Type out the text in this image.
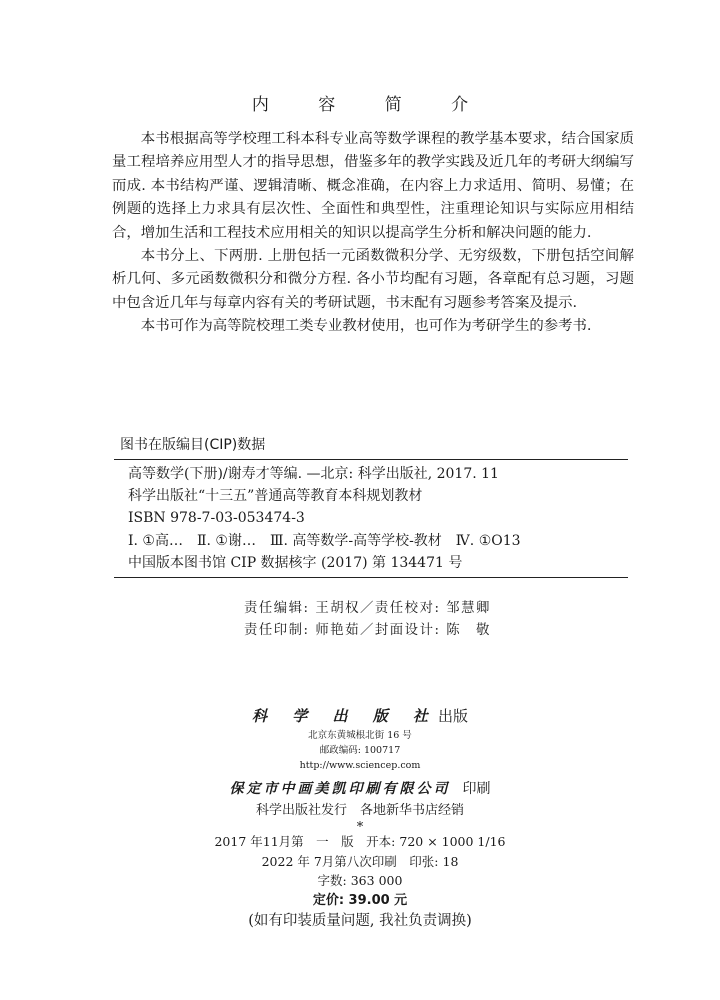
内 容 简 介

本书根据高等学校理工科本科专业高等数学课程的教学基本要求，结合国家质量工程培养应用型人才的指导思想，借鉴多年的教学实践及近几年的考研大纲编写而成. 本书结构严谨、逻辑清晰、概念准确，在内容上力求适用、简明、易懂；在例题的选择上力求具有层次性、全面性和典型性，注重理论知识与实际应用相结合，增加生活和工程技术应用相关的知识以提高学生分析和解决问题的能力.

本书分上、下两册. 上册包括一元函数微积分学、无穷级数，下册包括空间解析几何、多元函数微积分和微分方程. 各小节均配有习题，各章配有总习题，习题中包含近几年与每章内容有关的考研试题，书末配有习题参考答案及提示.

本书可作为高等院校理工类专业教材使用，也可作为考研学生的参考书.

图书在版编目(CIP)数据
高等数学(下册)/谢寿才等编. —北京: 科学出版社, 2017. 11
科学出版社“十三五”普通高等教育本科规划教材
ISBN 978-7-03-053474-3
Ⅰ. ①高…　Ⅱ. ①谢…　Ⅲ. 高等数学-高等学校-教材　Ⅳ. ①O13
中国版本图书馆 CIP 数据核字 (2017) 第 134471 号
责任编辑: 王胡权／责任校对: 邹慧卿
责任印制: 师艳茹／封面设计: 陈　敬
科 学 出 版 社出版
北京东黄城根北街 16 号
邮政编码: 100717
http://www.sciencep.com
保定市中画美凯印刷有限公司 印刷
科学出版社发行　各地新华书店经销
*
2017 年11月第　一　版　开本: 720 × 1000 1/16
2022 年 7月第八次印刷　印张: 18
字数: 363 000
定价: 39.00 元
(如有印装质量问题, 我社负责调换)
